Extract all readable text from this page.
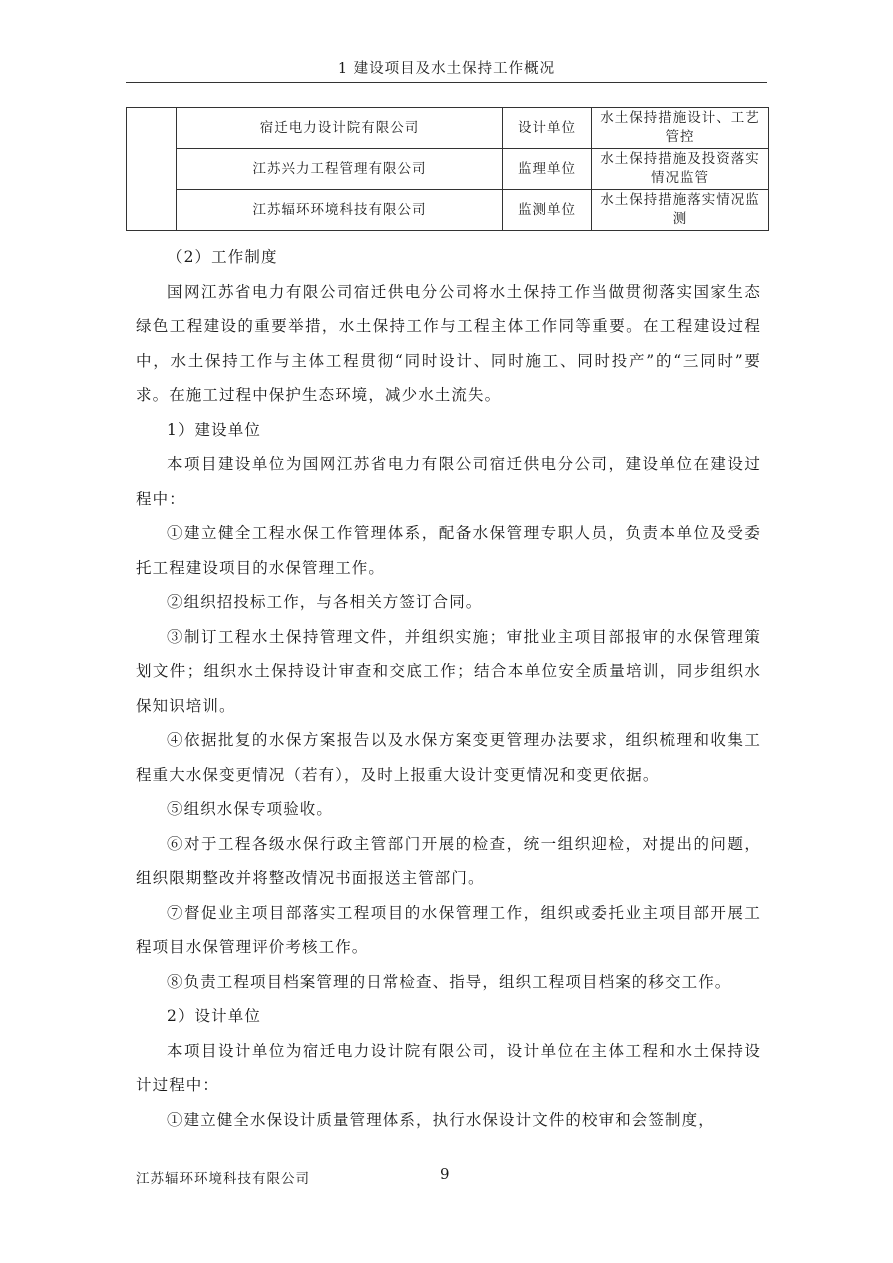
1 建设项目及水土保持工作概况
	宿迁电力设计院有限公司	设计单位	水土保持措施设计、工艺管控
	江苏兴力工程管理有限公司	监理单位	水土保持措施及投资落实情况监管
	江苏辐环环境科技有限公司	监测单位	水土保持措施落实情况监测

（2）工作制度

国网江苏省电力有限公司宿迁供电分公司将水土保持工作当做贯彻落实国家生态绿色工程建设的重要举措，水土保持工作与工程主体工作同等重要。在工程建设过程中，水土保持工作与主体工程贯彻“同时设计、同时施工、同时投产”的“三同时”要求。在施工过程中保护生态环境，减少水土流失。

1）建设单位

本项目建设单位为国网江苏省电力有限公司宿迁供电分公司，建设单位在建设过程中：

①建立健全工程水保工作管理体系，配备水保管理专职人员，负责本单位及受委托工程建设项目的水保管理工作。

②组织招投标工作，与各相关方签订合同。

③制订工程水土保持管理文件，并组织实施；审批业主项目部报审的水保管理策划文件；组织水土保持设计审查和交底工作；结合本单位安全质量培训，同步组织水保知识培训。

④依据批复的水保方案报告以及水保方案变更管理办法要求，组织梳理和收集工程重大水保变更情况（若有），及时上报重大设计变更情况和变更依据。

⑤组织水保专项验收。

⑥对于工程各级水保行政主管部门开展的检查，统一组织迎检，对提出的问题，组织限期整改并将整改情况书面报送主管部门。

⑦督促业主项目部落实工程项目的水保管理工作，组织或委托业主项目部开展工程项目水保管理评价考核工作。

⑧负责工程项目档案管理的日常检查、指导，组织工程项目档案的移交工作。

2）设计单位

本项目设计单位为宿迁电力设计院有限公司，设计单位在主体工程和水土保持设计过程中：

①建立健全水保设计质量管理体系，执行水保设计文件的校审和会签制度，

江苏辐环环境科技有限公司	9
